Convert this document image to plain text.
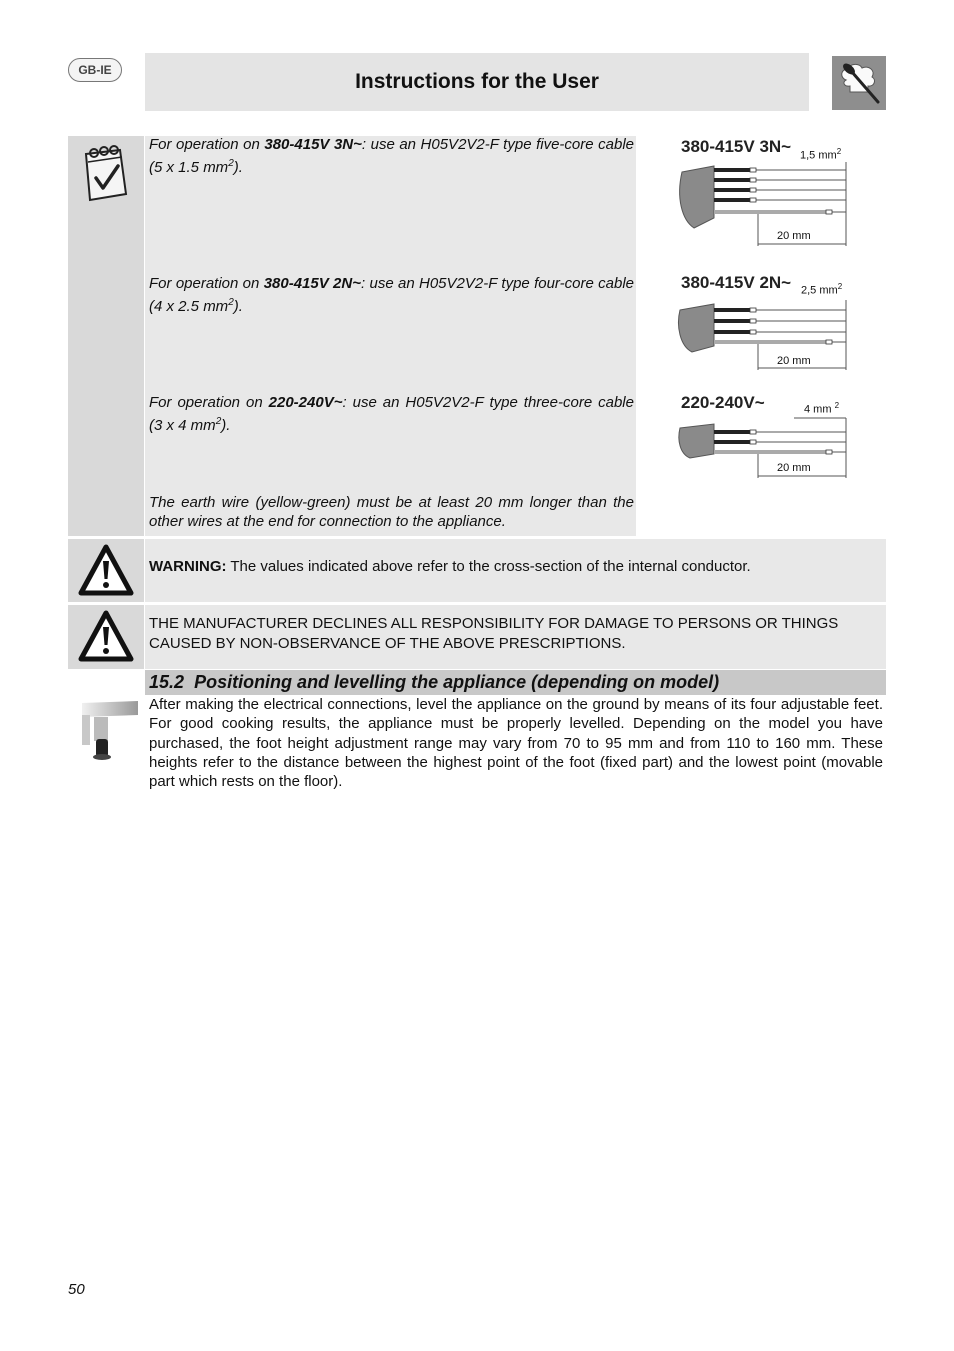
GB-IE	Instructions for the User

For operation on 380-415V 3N~: use an H05V2V2-F type five-core cable (5 x 1.5 $mm^2$).

For operation on 380-415V 2N~: use an H05V2V2-F type four-core cable (4 x 2.5 $mm^2$).

For operation on 220-240V~: use an H05V2V2-F type three-core cable (3 x 4 $mm^2$).

The earth wire (yellow-green) must be at least 20 mm longer than the other wires at the end for connection to the appliance.

380-415V 3N~ 1,5 $mm^2$
20 mm
380-415V 2N~ 2,5 $mm^2$
20 mm
220-240V~	4 mm $^2$
20 mm
WARNING: The values indicated above refer to the cross-section of the internal conductor.
THE MANUFACTURER DECLINES ALL RESPONSIBILITY FOR DAMAGE TO PERSONS OR THINGS CAUSED BY NON-OBSERVANCE OF THE ABOVE PRESCRIPTIONS.
15.2 Positioning and levelling the appliance (depending on model)
After making the electrical connections, level the appliance on the ground by means of its four adjustable feet. For good cooking results, the appliance must be properly levelled. Depending on the model you have purchased, the foot height adjustment range may vary from 70 to 95 mm and from 110 to 160 mm. These heights refer to the distance between the highest point of the foot (fixed part) and the lowest point (movable part which rests on the floor).
50
